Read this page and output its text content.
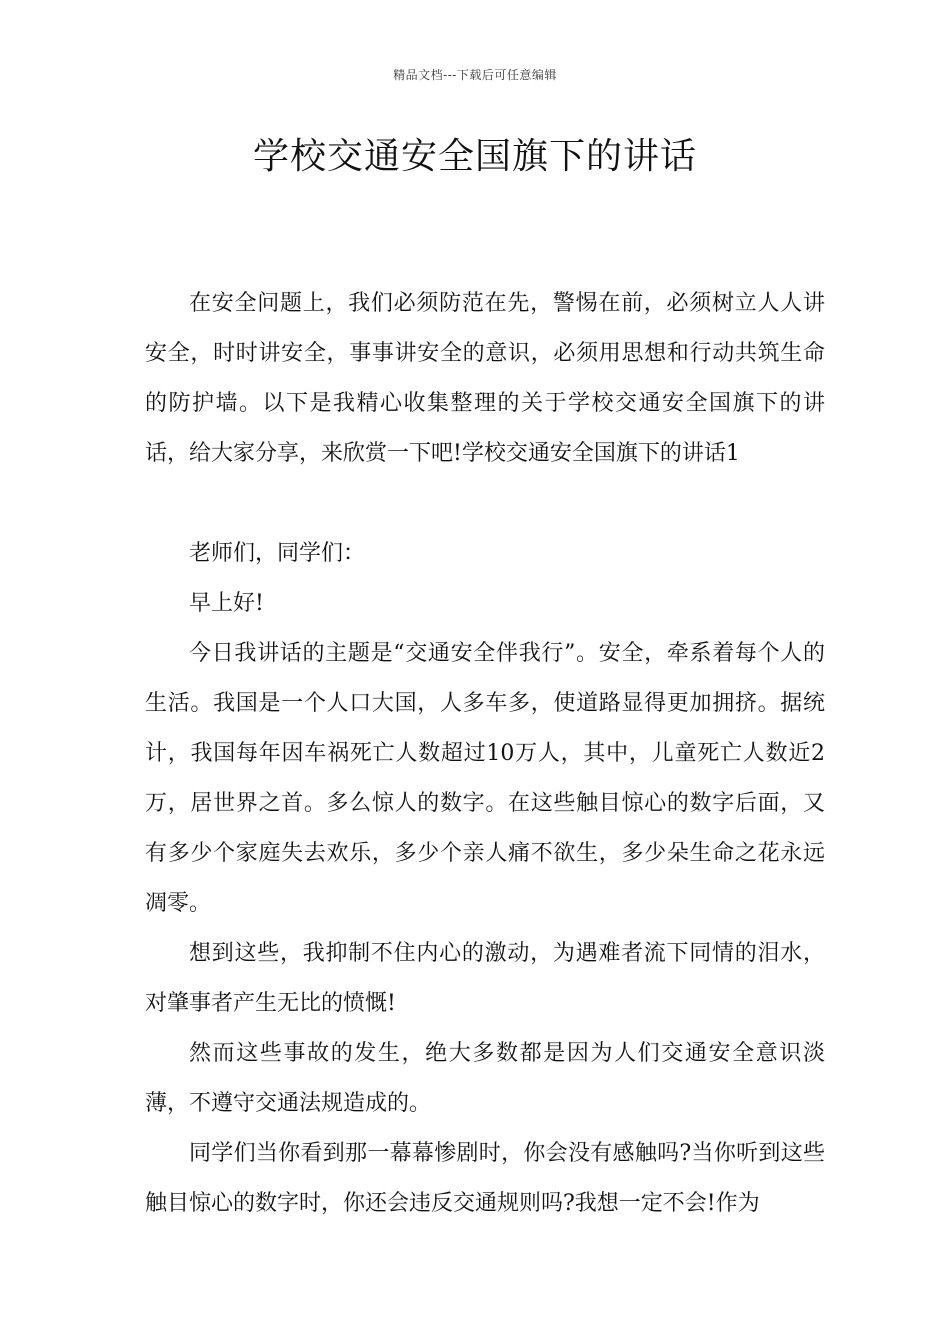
精品文档---下载后可任意编辑
学校交通安全国旗下的讲话

在安全问题上，我们必须防范在先，警惕在前，必须树立人人讲安全，时时讲安全，事事讲安全的意识，必须用思想和行动共筑生命的防护墙。以下是我精心收集整理的关于学校交通安全国旗下的讲话，给大家分享，来欣赏一下吧!学校交通安全国旗下的讲话1

老师们，同学们：

早上好!

今日我讲话的主题是“交通安全伴我行”。安全，牵系着每个人的生活。我国是一个人口大国，人多车多，使道路显得更加拥挤。据统计，我国每年因车祸死亡人数超过10万人，其中，儿童死亡人数近2万，居世界之首。多么惊人的数字。在这些触目惊心的数字后面，又有多少个家庭失去欢乐，多少个亲人痛不欲生，多少朵生命之花永远凋零。

想到这些，我抑制不住内心的激动，为遇难者流下同情的泪水，对肇事者产生无比的愤慨!

然而这些事故的发生，绝大多数都是因为人们交通安全意识淡薄，不遵守交通法规造成的。

同学们当你看到那一幕幕惨剧时，你会没有感触吗?当你听到这些触目惊心的数字时，你还会违反交通规则吗?我想一定不会!作为
